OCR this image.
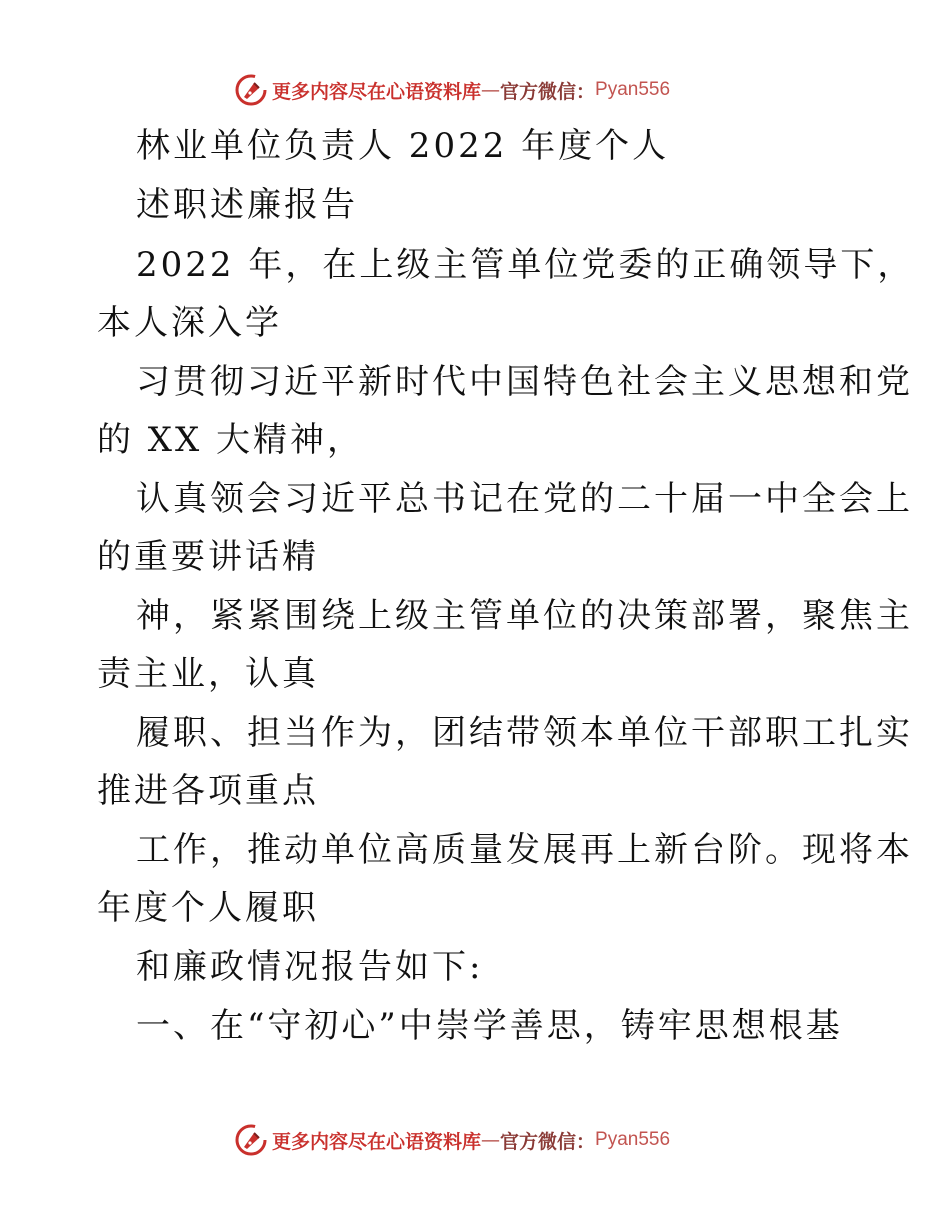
更多内容尽在心语资料库 — 官方微信： Pyan556
林业单位负责人 2022 年度个人
述职述廉报告
2022 年，在上级主管单位党委的正确领导下，
本人深入学
习贯彻习近平新时代中国特色社会主义思想和党
的 XX 大精神，
认真领会习近平总书记在党的二十届一中全会上
的重要讲话精
神，紧紧围绕上级主管单位的决策部署，聚焦主
责主业，认真
履职、担当作为，团结带领本单位干部职工扎实
推进各项重点
工作，推动单位高质量发展再上新台阶。现将本
年度个人履职
和廉政情况报告如下:
一、在“守初心”中崇学善思，铸牢思想根基
更多内容尽在心语资料库 — 官方微信： Pyan556
